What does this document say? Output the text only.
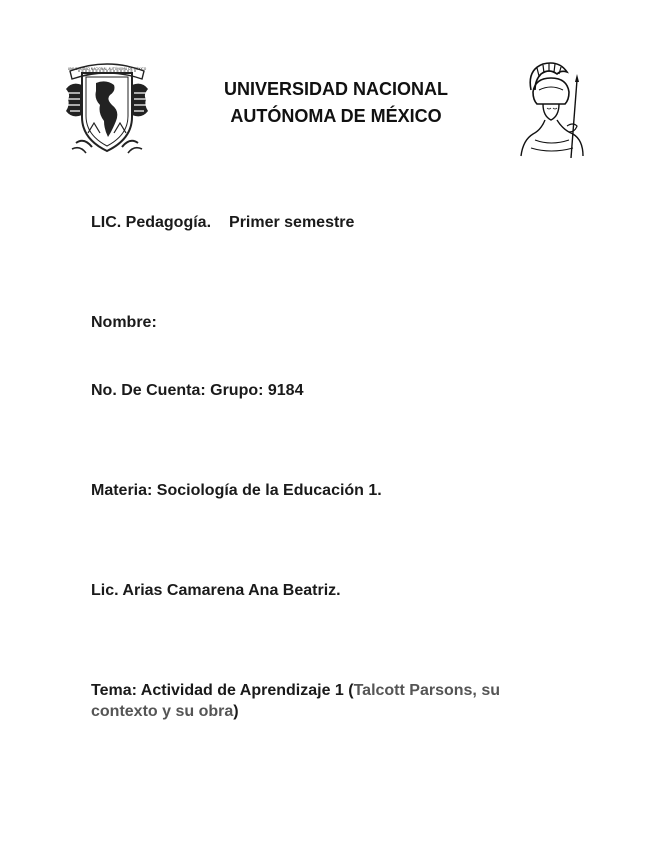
UNIVERSIDAD NACIONAL AUTÓNOMA DE MÉXICO
UNIVERSIDAD NACIONAL
AUTÓNOMA DE MÉXICO
LIC. Pedagogía. Primer semestre
Nombre:
No. De Cuenta: Grupo: 9184
Materia: Sociología de la Educación 1.
Lic. Arias Camarena Ana Beatriz.
Tema: Actividad de Aprendizaje 1 (Talcott Parsons, su contexto y su obra)
